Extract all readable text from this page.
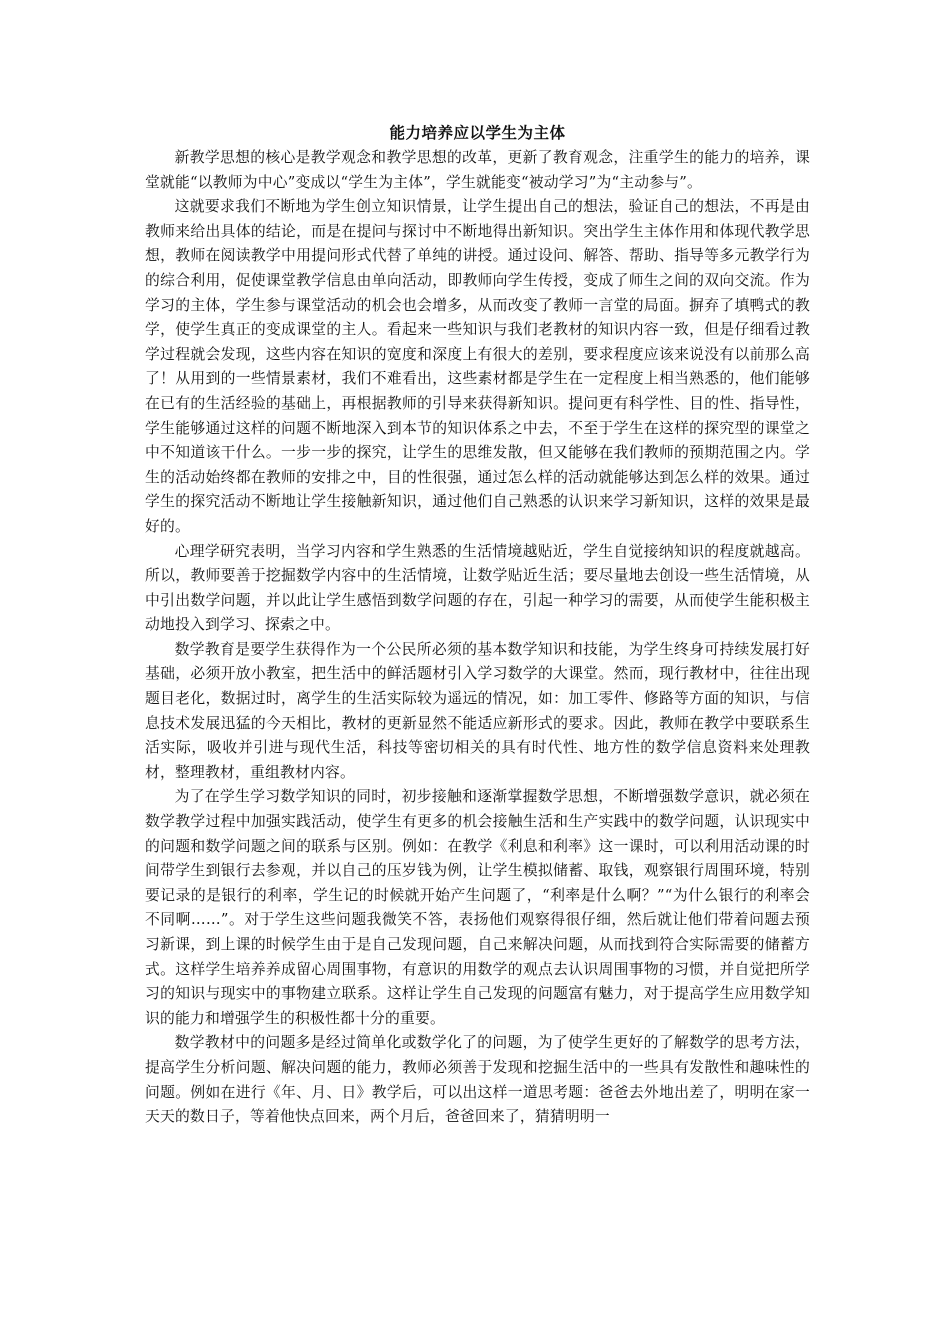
能力培养应以学生为主体

新教学思想的核心是教学观念和教学思想的改革，更新了教育观念，注重学生的能力的培养，课堂就能“以教师为中心”变成以“学生为主体”，学生就能变“被动学习”为“主动参与”。

这就要求我们不断地为学生创立知识情景，让学生提出自己的想法，验证自己的想法，不再是由教师来给出具体的结论，而是在提问与探讨中不断地得出新知识。突出学生主体作用和体现代教学思想，教师在阅读教学中用提问形式代替了单纯的讲授。通过设问、解答、帮助、指导等多元教学行为的综合利用，促使课堂教学信息由单向活动，即教师向学生传授，变成了师生之间的双向交流。作为学习的主体，学生参与课堂活动的机会也会增多，从而改变了教师一言堂的局面。摒弃了填鸭式的教学，使学生真正的变成课堂的主人。看起来一些知识与我们老教材的知识内容一致，但是仔细看过教学过程就会发现，这些内容在知识的宽度和深度上有很大的差别，要求程度应该来说没有以前那么高了！从用到的一些情景素材，我们不难看出，这些素材都是学生在一定程度上相当熟悉的，他们能够在已有的生活经验的基础上，再根据教师的引导来获得新知识。提问更有科学性、目的性、指导性，学生能够通过这样的问题不断地深入到本节的知识体系之中去，不至于学生在这样的探究型的课堂之中不知道该干什么。一步一步的探究，让学生的思维发散，但又能够在我们教师的预期范围之内。学生的活动始终都在教师的安排之中，目的性很强，通过怎么样的活动就能够达到怎么样的效果。通过学生的探究活动不断地让学生接触新知识，通过他们自己熟悉的认识来学习新知识，这样的效果是最好的。

心理学研究表明，当学习内容和学生熟悉的生活情境越贴近，学生自觉接纳知识的程度就越高。所以，教师要善于挖掘数学内容中的生活情境，让数学贴近生活；要尽量地去创设一些生活情境，从中引出数学问题，并以此让学生感悟到数学问题的存在，引起一种学习的需要，从而使学生能积极主动地投入到学习、探索之中。

数学教育是要学生获得作为一个公民所必须的基本数学知识和技能，为学生终身可持续发展打好基础，必须开放小教室，把生活中的鲜活题材引入学习数学的大课堂。然而，现行教材中，往往出现题目老化，数据过时，离学生的生活实际较为遥远的情况，如：加工零件、修路等方面的知识，与信息技术发展迅猛的今天相比，教材的更新显然不能适应新形式的要求。因此，教师在教学中要联系生活实际，吸收并引进与现代生活，科技等密切相关的具有时代性、地方性的数学信息资料来处理教材，整理教材，重组教材内容。

为了在学生学习数学知识的同时，初步接触和逐渐掌握数学思想，不断增强数学意识，就必须在数学教学过程中加强实践活动，使学生有更多的机会接触生活和生产实践中的数学问题，认识现实中的问题和数学问题之间的联系与区别。例如：在教学《利息和利率》这一课时，可以利用活动课的时间带学生到银行去参观，并以自己的压岁钱为例，让学生模拟储蓄、取钱，观察银行周围环境，特别要记录的是银行的利率，学生记的时候就开始产生问题了，“利率是什么啊？”“为什么银行的利率会不同啊……”。对于学生这些问题我微笑不答，表扬他们观察得很仔细，然后就让他们带着问题去预习新课，到上课的时候学生由于是自己发现问题，自己来解决问题，从而找到符合实际需要的储蓄方式。这样学生培养养成留心周围事物，有意识的用数学的观点去认识周围事物的习惯，并自觉把所学习的知识与现实中的事物建立联系。这样让学生自己发现的问题富有魅力，对于提高学生应用数学知识的能力和增强学生的积极性都十分的重要。

数学教材中的问题多是经过简单化或数学化了的问题，为了使学生更好的了解数学的思考方法，提高学生分析问题、解决问题的能力，教师必须善于发现和挖掘生活中的一些具有发散性和趣味性的问题。例如在进行《年、月、日》教学后，可以出这样一道思考题：爸爸去外地出差了，明明在家一天天的数日子，等着他快点回来，两个月后，爸爸回来了，猜猜明明一
